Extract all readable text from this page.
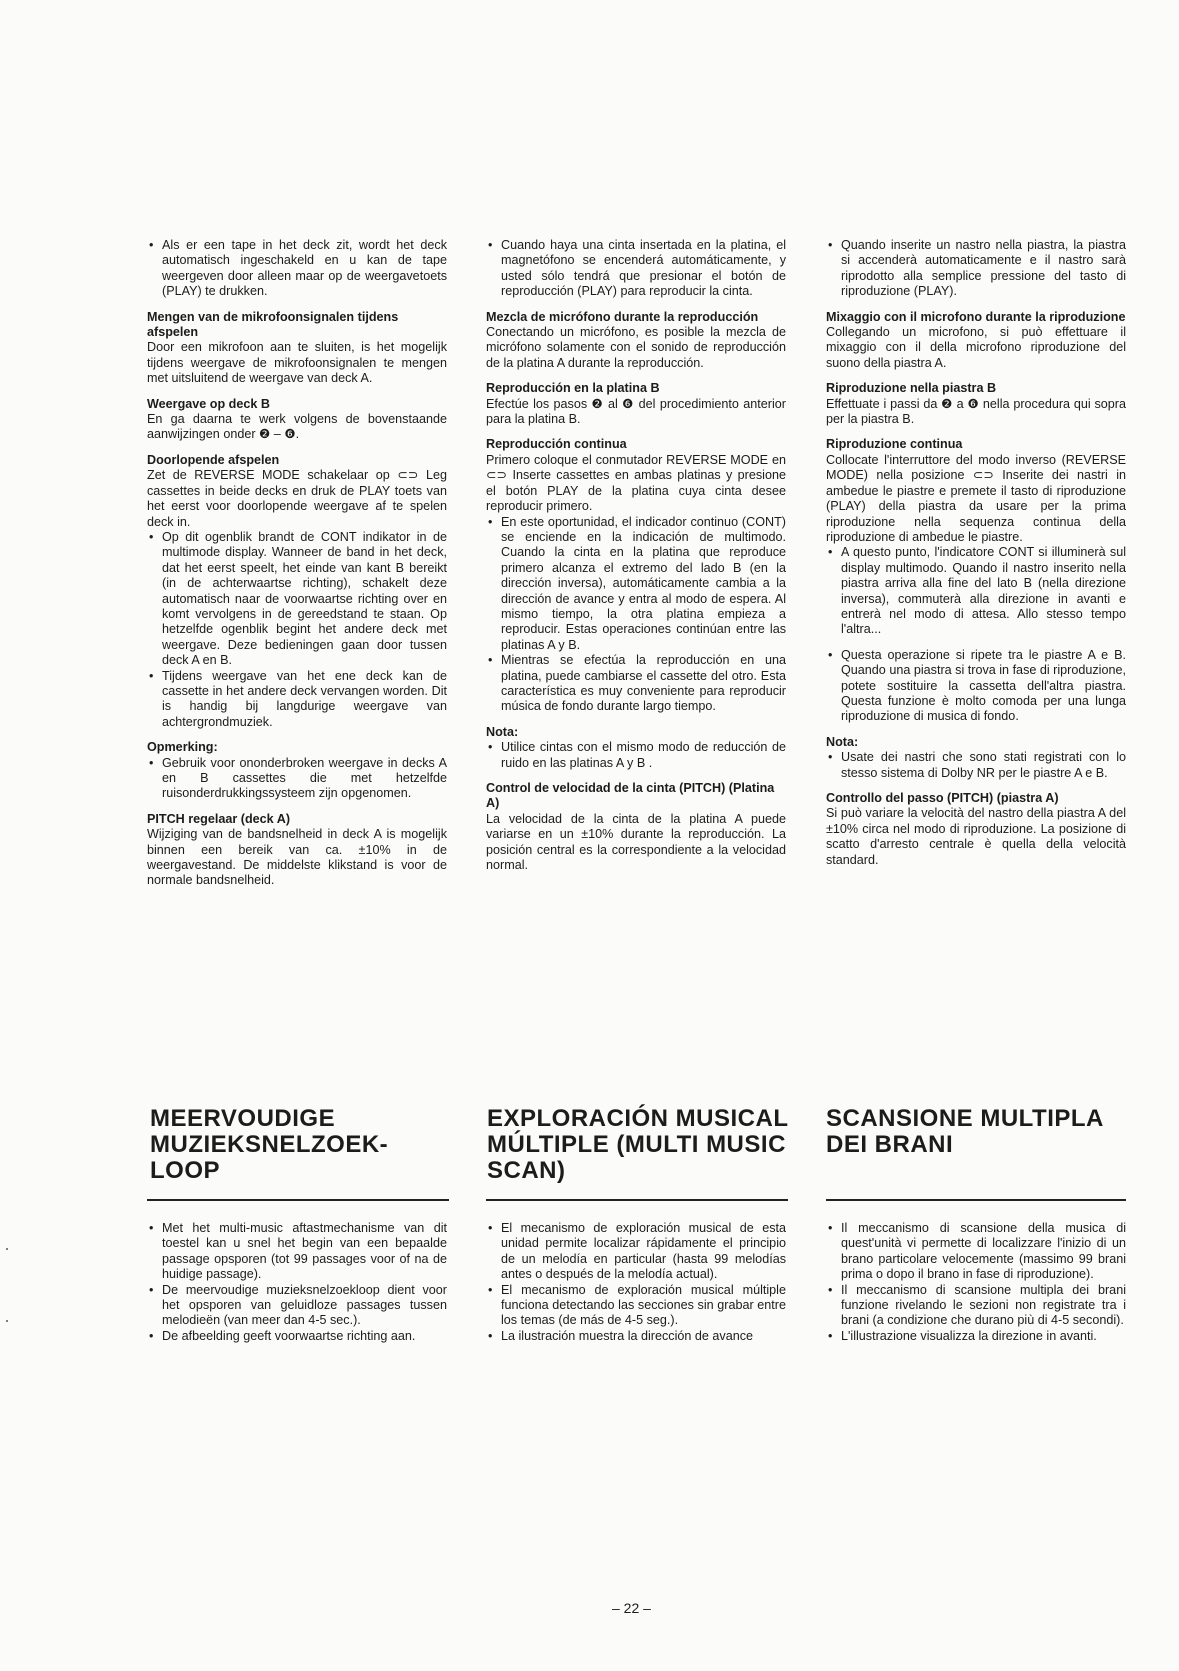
• Als er een tape in het deck zit, wordt het deck automatisch ingeschakeld en u kan de tape weergeven door alleen maar op de weergavetoets (PLAY) te drukken.
Mengen van de mikrofoonsignalen tijdens afspelen

Door een mikrofoon aan te sluiten, is het mogelijk tijdens weergave de mikrofoonsignalen te mengen met uitsluitend de weergave van deck A.

Weergave op deck B

En ga daarna te werk volgens de bovenstaande aanwijzingen onder ❷ – ❻.

Doorlopende afspelen

Zet de REVERSE MODE schakelaar op ⊂⊃ Leg cassettes in beide decks en druk de PLAY toets van het eerst voor doorlopende weergave af te spelen deck in.

• Op dit ogenblik brandt de CONT indikator in de multimode display. Wanneer de band in het deck, dat het eerst speelt, het einde van kant B bereikt (in de achterwaartse richting), schakelt deze automatisch naar de voorwaartse richting over en komt vervolgens in de gereedstand te staan. Op hetzelfde ogenblik begint het andere deck met weergave. Deze bedieningen gaan door tussen deck A en B.
• Tijdens weergave van het ene deck kan de cassette in het andere deck vervangen worden. Dit is handig bij langdurige weergave van achtergrondmuziek.
Opmerking:
• Gebruik voor ononderbroken weergave in decks A en B cassettes die met hetzelfde ruisonderdrukkingssysteem zijn opgenomen.
PITCH regelaar (deck A)

Wijziging van de bandsnelheid in deck A is mogelijk binnen een bereik van ca. ±10% in de weergavestand. De middelste klikstand is voor de normale bandsnelheid.

• Cuando haya una cinta insertada en la platina, el magnetófono se encenderá automáticamente, y usted sólo tendrá que presionar el botón de reproducción (PLAY) para reproducir la cinta.
Mezcla de micrófono durante la reproducción

Conectando un micrófono, es posible la mezcla de micrófono solamente con el sonido de reproducción de la platina A durante la reproducción.

Reproducción en la platina B

Efectúe los pasos ❷ al ❻ del procedimiento anterior para la platina B.

Reproducción continua

Primero coloque el conmutador REVERSE MODE en ⊂⊃ Inserte cassettes en ambas platinas y presione el botón PLAY de la platina cuya cinta desee reproducir primero.

• En este oportunidad, el indicador continuo (CONT) se enciende en la indicación de multimodo. Cuando la cinta en la platina que reproduce primero alcanza el extremo del lado B (en la dirección inversa), automáticamente cambia a la dirección de avance y entra al modo de espera. Al mismo tiempo, la otra platina empieza a reproducir. Estas operaciones continúan entre las platinas A y B.
• Mientras se efectúa la reproducción en una platina, puede cambiarse el cassette del otro. Esta característica es muy conveniente para reproducir música de fondo durante largo tiempo.
Nota:
• Utilice cintas con el mismo modo de reducción de ruido en las platinas A y B .
Control de velocidad de la cinta (PITCH) (Platina A)

La velocidad de la cinta de la platina A puede variarse en un ±10% durante la reproducción. La posición central es la correspondiente a la velocidad normal.

• Quando inserite un nastro nella piastra, la piastra si accenderà automaticamente e il nastro sarà riprodotto alla semplice pressione del tasto di riproduzione (PLAY).
Mixaggio con il microfono durante la riproduzione

Collegando un microfono, si può effettuare il mixaggio con il della microfono riproduzione del suono della piastra A.

Riproduzione nella piastra B

Effettuate i passi da ❷ a ❻ nella procedura qui sopra per la piastra B.

Riproduzione continua

Collocate l'interruttore del modo inverso (REVERSE MODE) nella posizione ⊂⊃ Inserite dei nastri in ambedue le piastre e premete il tasto di riproduzione (PLAY) della piastra da usare per la prima riproduzione nella sequenza continua della riproduzione di ambedue le piastre.

• A questo punto, l'indicatore CONT si illuminerà sul display multimodo. Quando il nastro inserito nella piastra arriva alla fine del lato B (nella direzione inversa), commuterà alla direzione in avanti e entrerà nel modo di attesa. Allo stesso tempo l'altra...
• Questa operazione si ripete tra le piastre A e B. Quando una piastra si trova in fase di riproduzione, potete sostituire la cassetta dell'altra piastra. Questa funzione è molto comoda per una lunga riproduzione di musica di fondo.
Nota:
• Usate dei nastri che sono stati registrati con lo stesso sistema di Dolby NR per le piastre A e B.
Controllo del passo (PITCH) (piastra A)

Si può variare la velocità del nastro della piastra A del ±10% circa nel modo di riproduzione. La posizione di scatto d'arresto centrale è quella della velocità standard.

MEERVOUDIGE MUZIEKSNELZOEK- LOOP
EXPLORACIÓN MUSICAL MÚLTIPLE (MULTI MUSIC SCAN)
SCANSIONE MULTIPLA DEI BRANI
• Met het multi-music aftastmechanisme van dit toestel kan u snel het begin van een bepaalde passage opsporen (tot 99 passages voor of na de huidige passage).
• De meervoudige muzieksnelzoekloop dient voor het opsporen van geluidloze passages tussen melodieën (van meer dan 4-5 sec.).
• De afbeelding geeft voorwaartse richting aan.
• El mecanismo de exploración musical de esta unidad permite localizar rápidamente el principio de un melodía en particular (hasta 99 melodías antes o después de la melodía actual).
• El mecanismo de exploración musical múltiple funciona detectando las secciones sin grabar entre los temas (de más de 4-5 seg.).
• La ilustración muestra la dirección de avance
• Il meccanismo di scansione della musica di quest'unità vi permette di localizzare l'inizio di un brano particolare velocemente (massimo 99 brani prima o dopo il brano in fase di riproduzione).
• Il meccanismo di scansione multipla dei brani funzione rivelando le sezioni non registrate tra i brani (a condizione che durano più di 4-5 secondi).
• L'illustrazione visualizza la direzione in avanti.
– 22 –
